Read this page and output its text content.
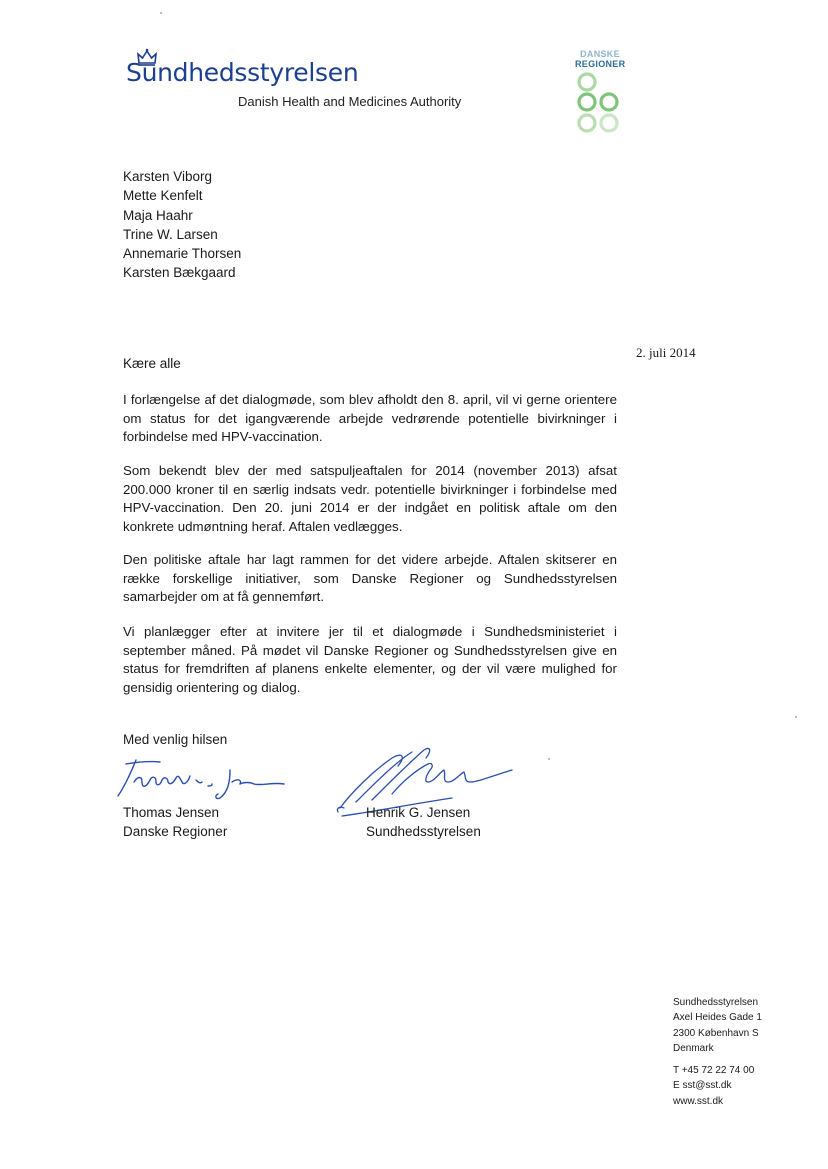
Sundhedsstyrelsen
Danish Health and Medicines Authority
DANSKE
REGIONER
Karsten Viborg
Mette Kenfelt
Maja Haahr
Trine W. Larsen
Annemarie Thorsen
Karsten Bækgaard
2. juli 2014
Kære alle

I forlængelse af det dialogmøde, som blev afholdt den 8. april, vil vi gerne orientere om status for det igangværende arbejde vedrørende potentielle bivirkninger i forbindelse med HPV-vaccination.

Som bekendt blev der med satspuljeaftalen for 2014 (november 2013) afsat 200.000 kroner til en særlig indsats vedr. potentielle bivirkninger i forbindelse med HPV-vaccination. Den 20. juni 2014 er der indgået en politisk aftale om den konkrete udmøntning heraf. Aftalen vedlægges.

Den politiske aftale har lagt rammen for det videre arbejde. Aftalen skitserer en række forskellige initiativer, som Danske Regioner og Sundhedsstyrelsen samarbejder om at få gennemført.

Vi planlægger efter at invitere jer til et dialogmøde i Sundhedsministeriet i september måned. På mødet vil Danske Regioner og Sundhedsstyrelsen give en status for fremdriften af planens enkelte elementer, og der vil være mulighed for gensidig orientering og dialog.

Med venlig hilsen
Thomas Jensen
Danske Regioner
Henrik G. Jensen
Sundhedsstyrelsen
Sundhedsstyrelsen
Axel Heides Gade 1
2300 København S
Denmark
T +45 72 22 74 00
E sst@sst.dk
www.sst.dk
